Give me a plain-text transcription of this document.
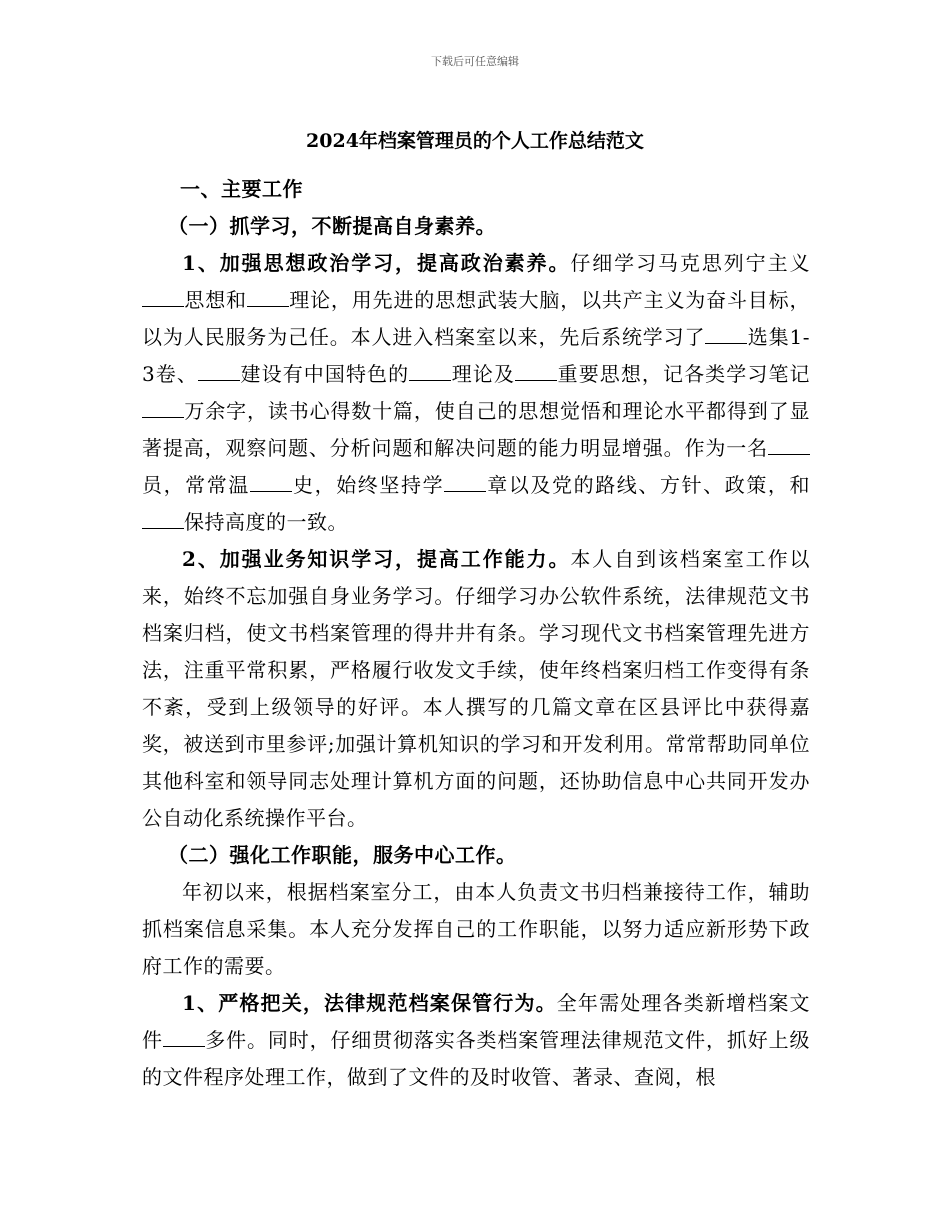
下载后可任意编辑
2024年档案管理员的个人工作总结范文

一、主要工作

（一）抓学习，不断提高自身素养。

1、加强思想政治学习，提高政治素养。仔细学习马克思列宁主义思想和 理论，用先进的思想武装大脑，以共产主义为奋斗目标，以为人民服务为己任。本人进入档案室以来，先后系统学习了 选集1-3卷、 建设有中国特色的 理论及 重要思想，记各类学习笔记万余字，读书心得数十篇，使自己的思想觉悟和理论水平都得到了显著提高，观察问题、分析问题和解决问题的能力明显增强。作为一名员，常常温 史，始终坚持学 章以及党的路线、方针、政策，和保持高度的一致。

2、加强业务知识学习，提高工作能力。本人自到该档案室工作以来，始终不忘加强自身业务学习。仔细学习办公软件系统，法律规范文书档案归档，使文书档案管理的得井井有条。学习现代文书档案管理先进方法，注重平常积累，严格履行收发文手续，使年终档案归档工作变得有条不紊，受到上级领导的好评。本人撰写的几篇文章在区县评比中获得嘉奖，被送到市里参评;加强计算机知识的学习和开发利用。常常帮助同单位其他科室和领导同志处理计算机方面的问题，还协助信息中心共同开发办公自动化系统操作平台。

（二）强化工作职能，服务中心工作。

年初以来，根据档案室分工，由本人负责文书归档兼接待工作，辅助抓档案信息采集。本人充分发挥自己的工作职能，以努力适应新形势下政府工作的需要。

1、严格把关，法律规范档案保管行为。全年需处理各类新增档案文件 多件。同时，仔细贯彻落实各类档案管理法律规范文件，抓好上级的文件程序处理工作，做到了文件的及时收管、著录、查阅，根
